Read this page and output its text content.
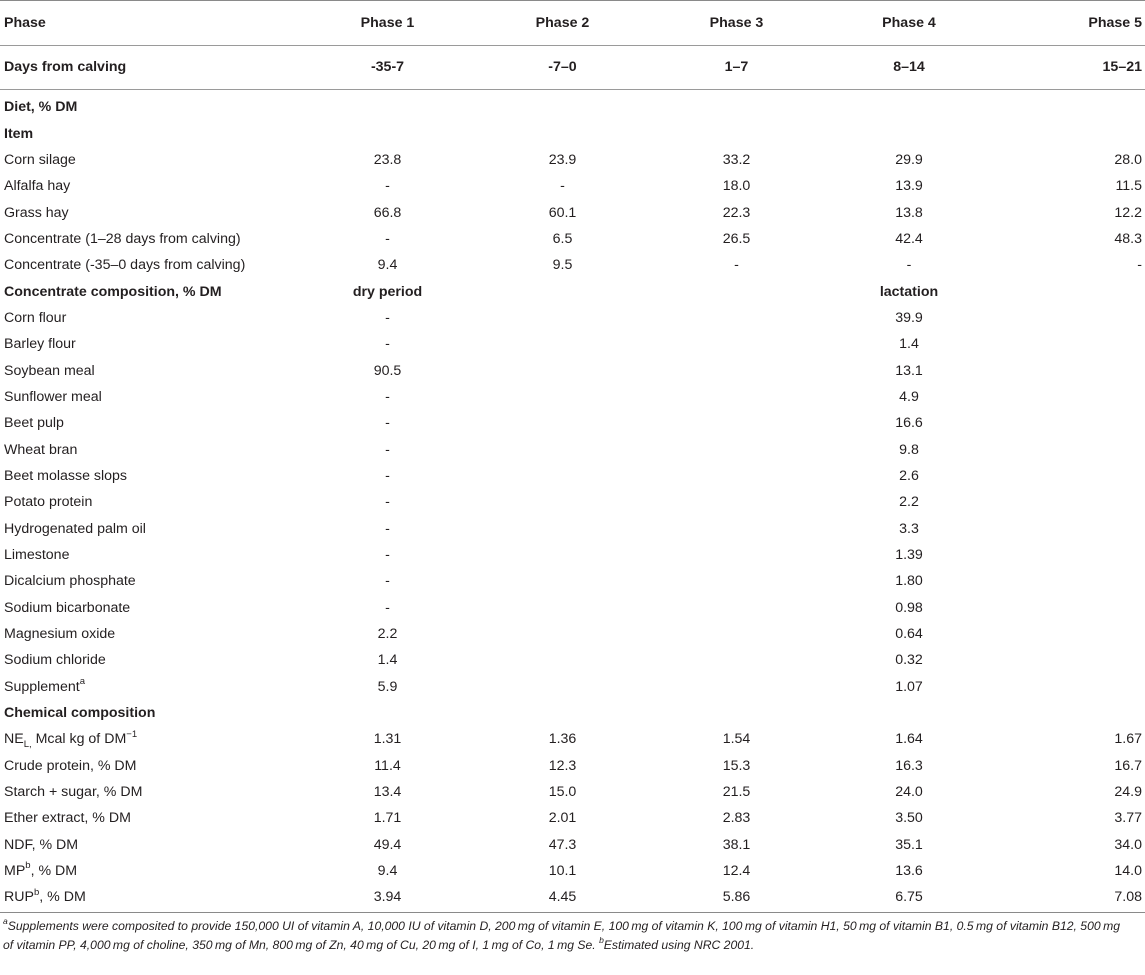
Phase	Phase 1	Phase 2	Phase 3	Phase 4	Phase 5
Days from calving	-35-7	-7–0	1–7	8–14	15–21
Diet, % DM					
Item					
Corn silage	23.8	23.9	33.2	29.9	28.0
Alfalfa hay	-	-	18.0	13.9	11.5
Grass hay	66.8	60.1	22.3	13.8	12.2
Concentrate (1–28 days from calving)	-	6.5	26.5	42.4	48.3
Concentrate (-35–0 days from calving)	9.4	9.5	-	-	-
Concentrate composition, % DM	dry period			lactation	
Corn flour	-			39.9	
Barley flour	-			1.4	
Soybean meal	90.5			13.1	
Sunflower meal	-			4.9	
Beet pulp	-			16.6	
Wheat bran	-			9.8	
Beet molasse slops	-			2.6	
Potato protein	-			2.2	
Hydrogenated palm oil	-			3.3	
Limestone	-			1.39	
Dicalcium phosphate	-			1.80	
Sodium bicarbonate	-			0.98	
Magnesium oxide	2.2			0.64	
Sodium chloride	1.4			0.32	
Supplement$^a$	5.9			1.07	
Chemical composition					
$NE_{L,}$ Mcal kg of $DM^{-1}$	1.31	1.36	1.54	1.64	1.67
Crude protein, % DM	11.4	12.3	15.3	16.3	16.7
Starch + sugar, % DM	13.4	15.0	21.5	24.0	24.9
Ether extract, % DM	1.71	2.01	2.83	3.50	3.77
NDF, % DM	49.4	47.3	38.1	35.1	34.0
$MP^b$, % DM	9.4	10.1	12.4	13.6	14.0
RUP$^b$, % DM	3.94	4.45	5.86	6.75	7.08
$^a$Supplements were composited to provide 150,000 UI of vitamin A, 10,000 IU of vitamin D, 200 mg of vitamin E, 100 mg of vitamin K, 100 mg of vitamin H1, 50 mg of vitamin B1, 0.5 mg of vitamin B12, 500 mg of vitamin PP, 4,000 mg of choline, 350 mg of Mn, 800 mg of Zn, 40 mg of Cu, 20 mg of I, 1 mg of Co, 1 mg Se. $^b$Estimated using NRC 2001.
